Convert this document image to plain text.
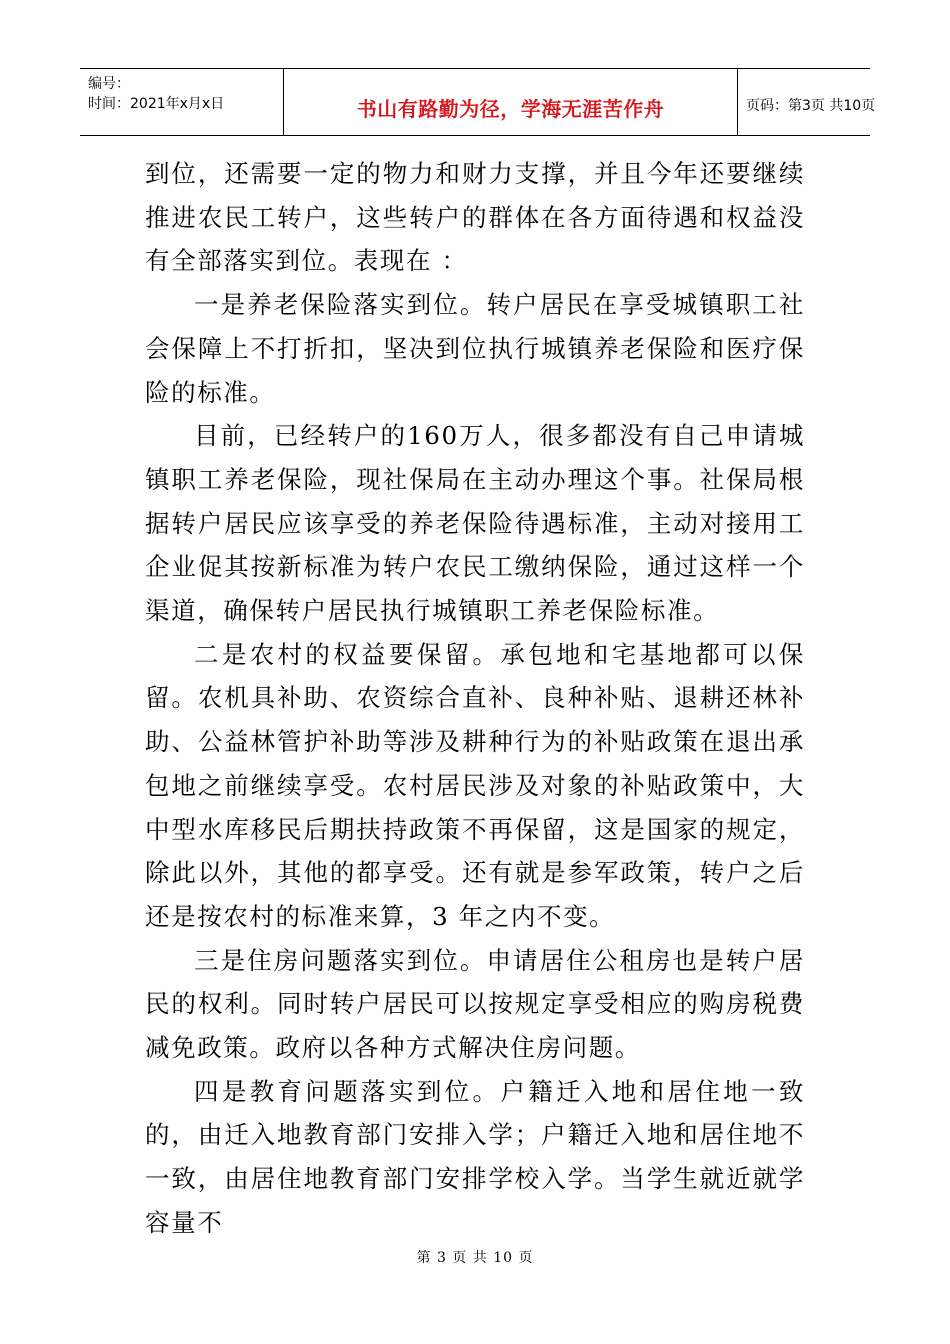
编号：
时间：2021年x月x日	书山有路勤为径，学海无涯苦作舟	页码：第3页 共10页

到位，还需要一定的物力和财力支撑，并且今年还要继续推进农民工转户，这些转户的群体在各方面待遇和权益没有全部落实到位。表现在 ：

一是养老保险落实到位。转户居民在享受城镇职工社会保障上不打折扣，坚决到位执行城镇养老保险和医疗保险的标准。

目前，已经转户的160万人，很多都没有自己申请城镇职工养老保险，现社保局在主动办理这个事。社保局根据转户居民应该享受的养老保险待遇标准，主动对接用工企业促其按新标准为转户农民工缴纳保险，通过这样一个渠道，确保转户居民执行城镇职工养老保险标准。

二是农村的权益要保留。承包地和宅基地都可以保留。农机具补助、农资综合直补、良种补贴、退耕还林补助、公益林管护补助等涉及耕种行为的补贴政策在退出承包地之前继续享受。农村居民涉及对象的补贴政策中，大中型水库移民后期扶持政策不再保留，这是国家的规定，除此以外，其他的都享受。还有就是参军政策，转户之后还是按农村的标准来算，3 年之内不变。

三是住房问题落实到位。申请居住公租房也是转户居民的权利。同时转户居民可以按规定享受相应的购房税费减免政策。政府以各种方式解决住房问题。

四是教育问题落实到位。户籍迁入地和居住地一致的，由迁入地教育部门安排入学；户籍迁入地和居住地不一致，由居住地教育部门安排学校入学。当学生就近就学容量不

第 3 页 共 10 页
